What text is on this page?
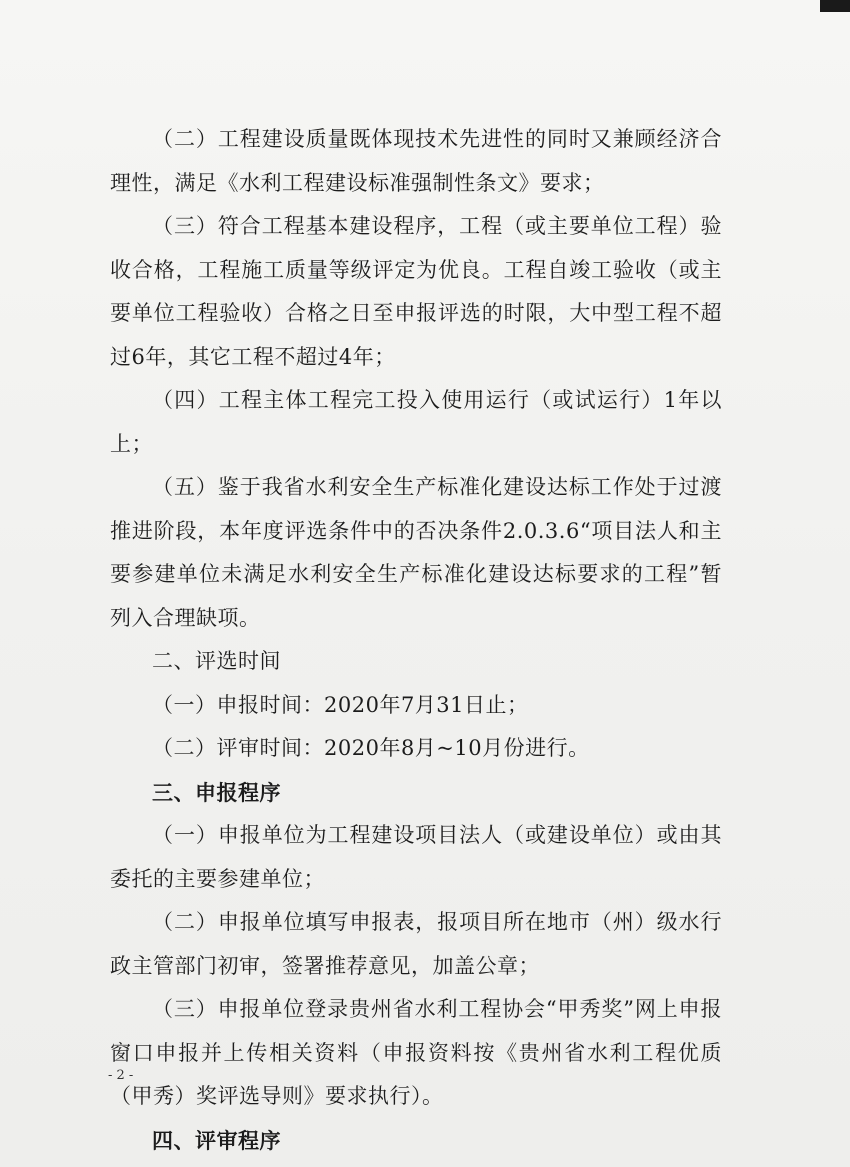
（二）工程建设质量既体现技术先进性的同时又兼顾经济合理性，满足《水利工程建设标准强制性条文》要求；

（三）符合工程基本建设程序，工程（或主要单位工程）验收合格，工程施工质量等级评定为优良。工程自竣工验收（或主要单位工程验收）合格之日至申报评选的时限，大中型工程不超过6年，其它工程不超过4年；

（四）工程主体工程完工投入使用运行（或试运行）1年以上；

（五）鉴于我省水利安全生产标准化建设达标工作处于过渡推进阶段，本年度评选条件中的否决条件2.0.3.6“项目法人和主要参建单位未满足水利安全生产标准化建设达标要求的工程”暂列入合理缺项。

二、评选时间

（一）申报时间：2020年7月31日止；

（二）评审时间：2020年8月~10月份进行。

三、申报程序

（一）申报单位为工程建设项目法人（或建设单位）或由其委托的主要参建单位；

（二）申报单位填写申报表，报项目所在地市（州）级水行政主管部门初审，签署推荐意见，加盖公章；

（三）申报单位登录贵州省水利工程协会“甲秀奖”网上申报窗口申报并上传相关资料（申报资料按《贵州省水利工程优质（甲秀）奖评选导则》要求执行）。

四、评审程序

- 2 -
